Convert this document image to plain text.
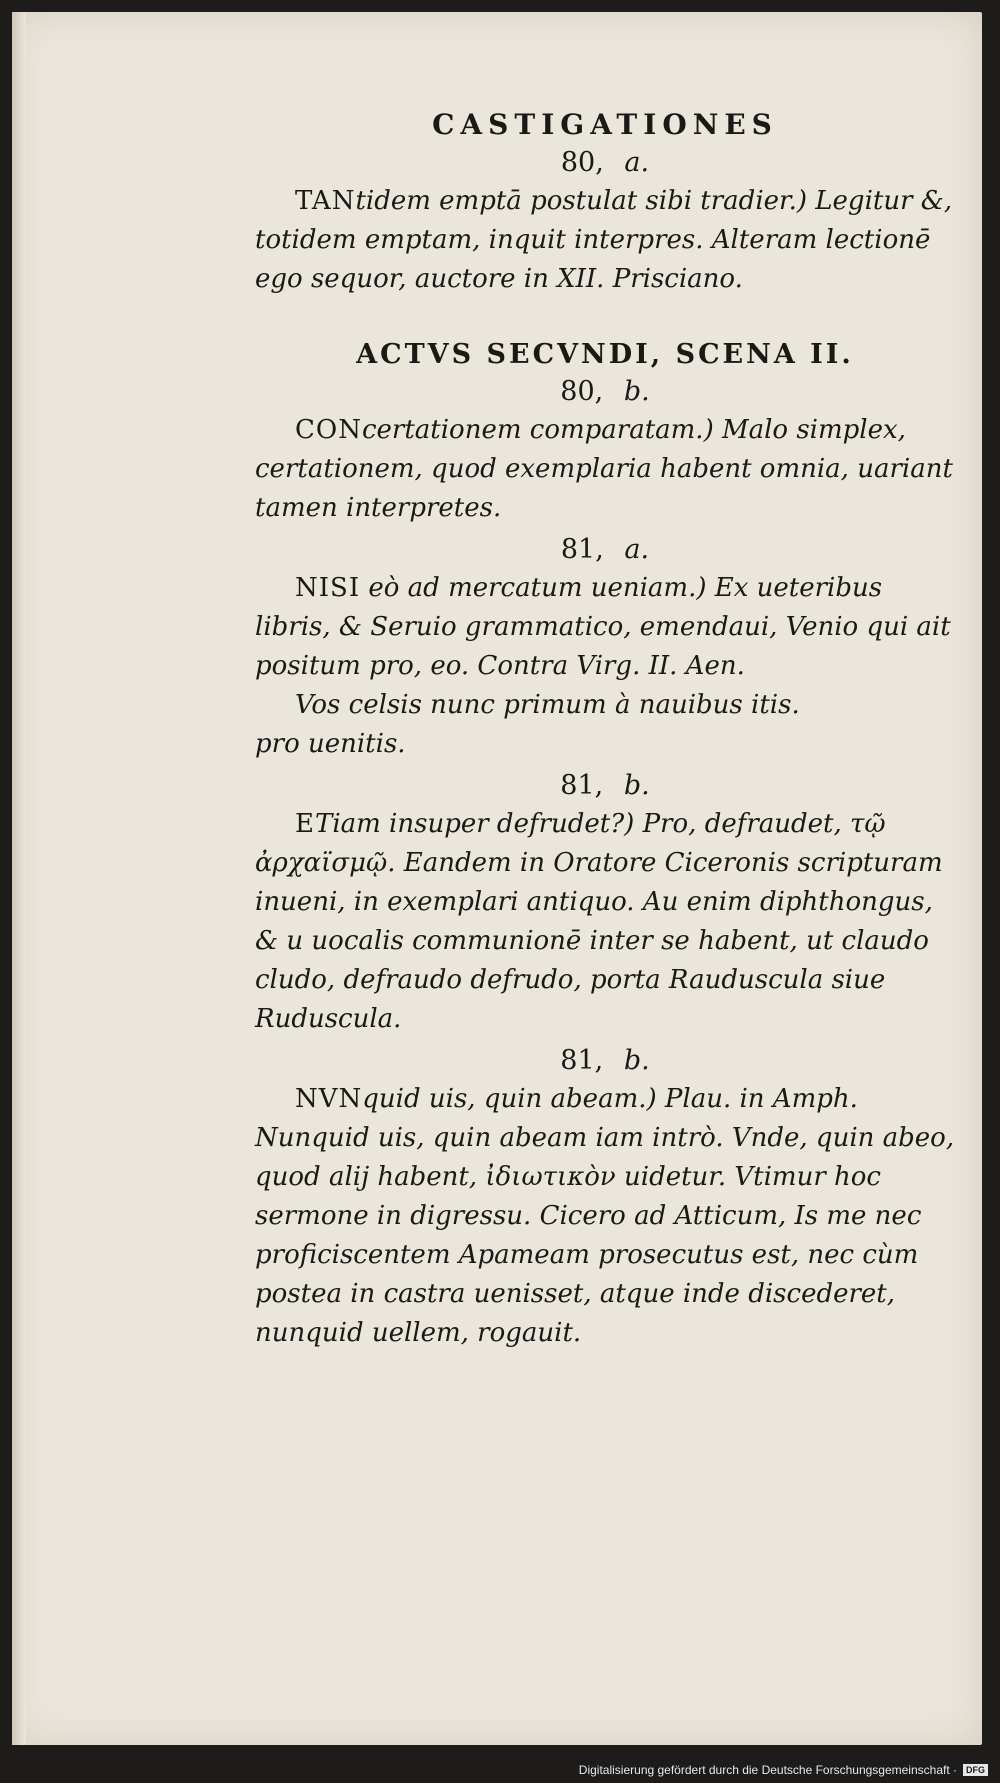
CASTIGATIONES
80, a.

TANtidem emptā postulat sibi tradier.) Legitur &, totidem emptam, inquit interpres. Alteram lectionē ego sequor, auctore in XII. Prisciano.

ACTVS SECVNDI, SCENA II.
80, b.

CONcertationem comparatam.) Malo simplex, certationem, quod exemplaria habent omnia, uariant tamen interpretes.

81, a.

NISI eò ad mercatum ueniam.) Ex ueteribus libris, & Seruio grammatico, emendaui, Venio qui ait positum pro, eo. Contra Virg. II. Aen.

Vos celsis nunc primum à nauibus itis.

pro uenitis.

81, b.

ETiam insuper defrudet?) Pro, defraudet, τῷ ἀρχαϊσμῷ. Eandem in Oratore Ciceronis scripturam inueni, in exemplari antiquo. Au enim diphthongus, & u uocalis communionē inter se habent, ut claudo cludo, defraudo defrudo, porta Rauduscula siue Ruduscula.

81, b.

NVNquid uis, quin abeam.) Plau. in Amph. Nunquid uis, quin abeam iam intrò. Vnde, quin abeo, quod alij habent, ἰδιωτικὸν uidetur. Vtimur hoc sermone in digressu. Cicero ad Atticum, Is me nec proficiscentem Apameam prosecutus est, nec cùm postea in castra uenisset, atque inde discederet, nunquid uellem, rogauit.

Digitalisierung gefördert durch die Deutsche Forschungsgemeinschaft ·	DFG
